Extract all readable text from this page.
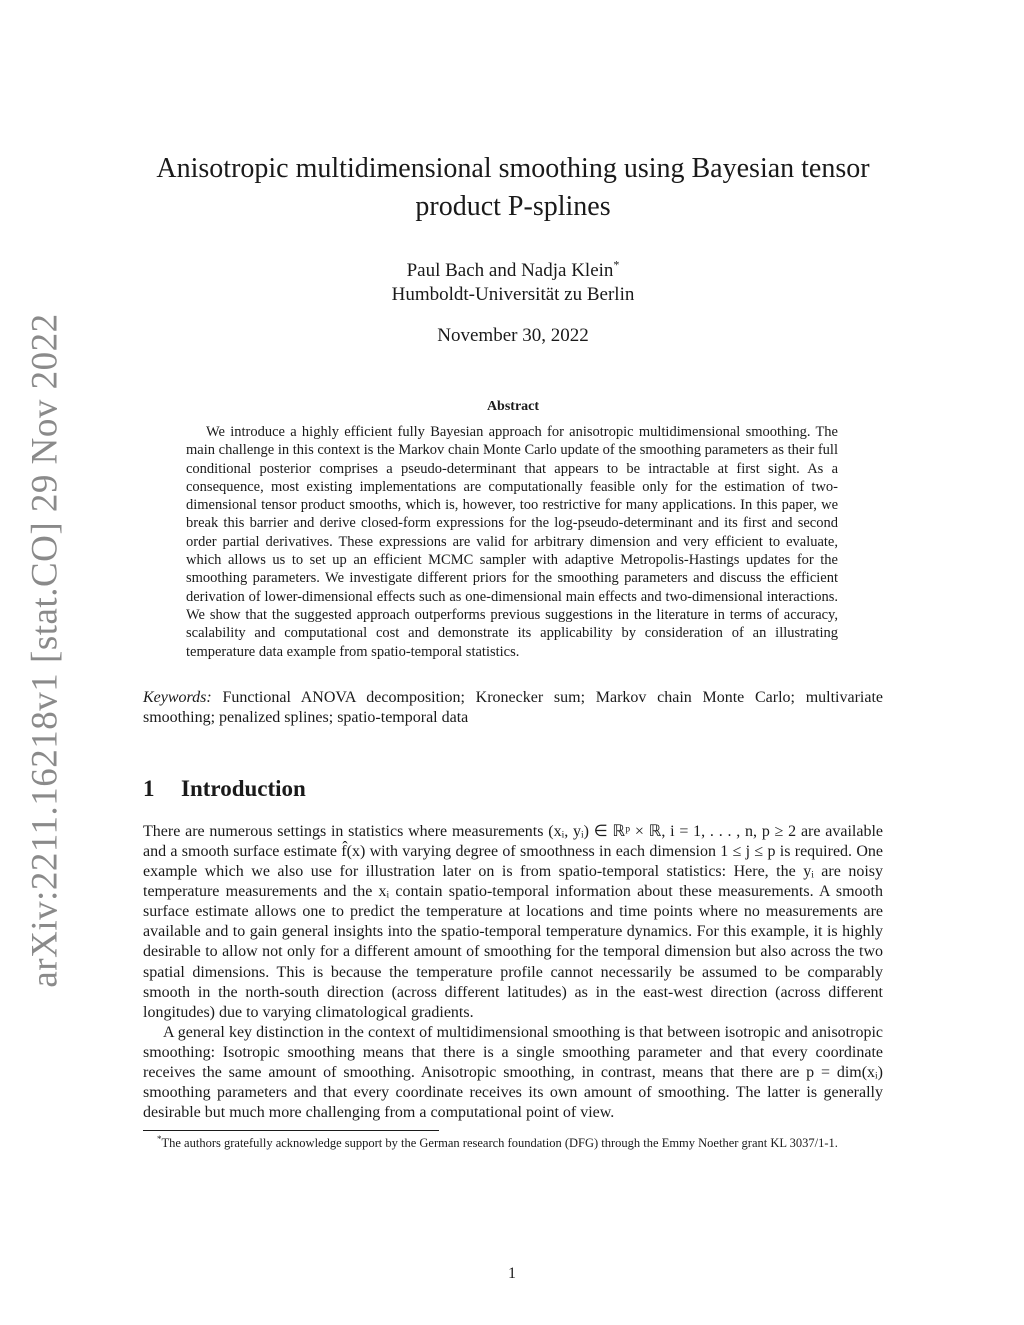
arXiv:2211.16218v1 [stat.CO] 29 Nov 2022
Anisotropic multidimensional smoothing using Bayesian tensor product P-splines
Paul Bach and Nadja Klein*
Humboldt-Universität zu Berlin
November 30, 2022
Abstract
We introduce a highly efficient fully Bayesian approach for anisotropic multidimensional smoothing. The main challenge in this context is the Markov chain Monte Carlo update of the smoothing parameters as their full conditional posterior comprises a pseudo-determinant that appears to be intractable at first sight. As a consequence, most existing implementations are computationally feasible only for the estimation of two-dimensional tensor product smooths, which is, however, too restrictive for many applications. In this paper, we break this barrier and derive closed-form expressions for the log-pseudo-determinant and its first and second order partial derivatives. These expressions are valid for arbitrary dimension and very efficient to evaluate, which allows us to set up an efficient MCMC sampler with adaptive Metropolis-Hastings updates for the smoothing parameters. We investigate different priors for the smoothing parameters and discuss the efficient derivation of lower-dimensional effects such as one-dimensional main effects and two-dimensional interactions. We show that the suggested approach outperforms previous suggestions in the literature in terms of accuracy, scalability and computational cost and demonstrate its applicability by consideration of an illustrating temperature data example from spatio-temporal statistics.
Keywords: Functional ANOVA decomposition; Kronecker sum; Markov chain Monte Carlo; multivariate smoothing; penalized splines; spatio-temporal data
1 Introduction

There are numerous settings in statistics where measurements (xᵢ, yᵢ) ∈ ℝᵖ × ℝ, i = 1, . . . , n, p ≥ 2 are available and a smooth surface estimate f̂(x) with varying degree of smoothness in each dimension 1 ≤ j ≤ p is required. One example which we also use for illustration later on is from spatio-temporal statistics: Here, the yᵢ are noisy temperature measurements and the xᵢ contain spatio-temporal information about these measurements. A smooth surface estimate allows one to predict the temperature at locations and time points where no measurements are available and to gain general insights into the spatio-temporal temperature dynamics. For this example, it is highly desirable to allow not only for a different amount of smoothing for the temporal dimension but also across the two spatial dimensions. This is because the temperature profile cannot necessarily be assumed to be comparably smooth in the north-south direction (across different latitudes) as in the east-west direction (across different longitudes) due to varying climatological gradients.

A general key distinction in the context of multidimensional smoothing is that between isotropic and anisotropic smoothing: Isotropic smoothing means that there is a single smoothing parameter and that every coordinate receives the same amount of smoothing. Anisotropic smoothing, in contrast, means that there are p = dim(xᵢ) smoothing parameters and that every coordinate receives its own amount of smoothing. The latter is generally desirable but much more challenging from a computational point of view.

*The authors gratefully acknowledge support by the German research foundation (DFG) through the Emmy Noether grant KL 3037/1-1.
1
